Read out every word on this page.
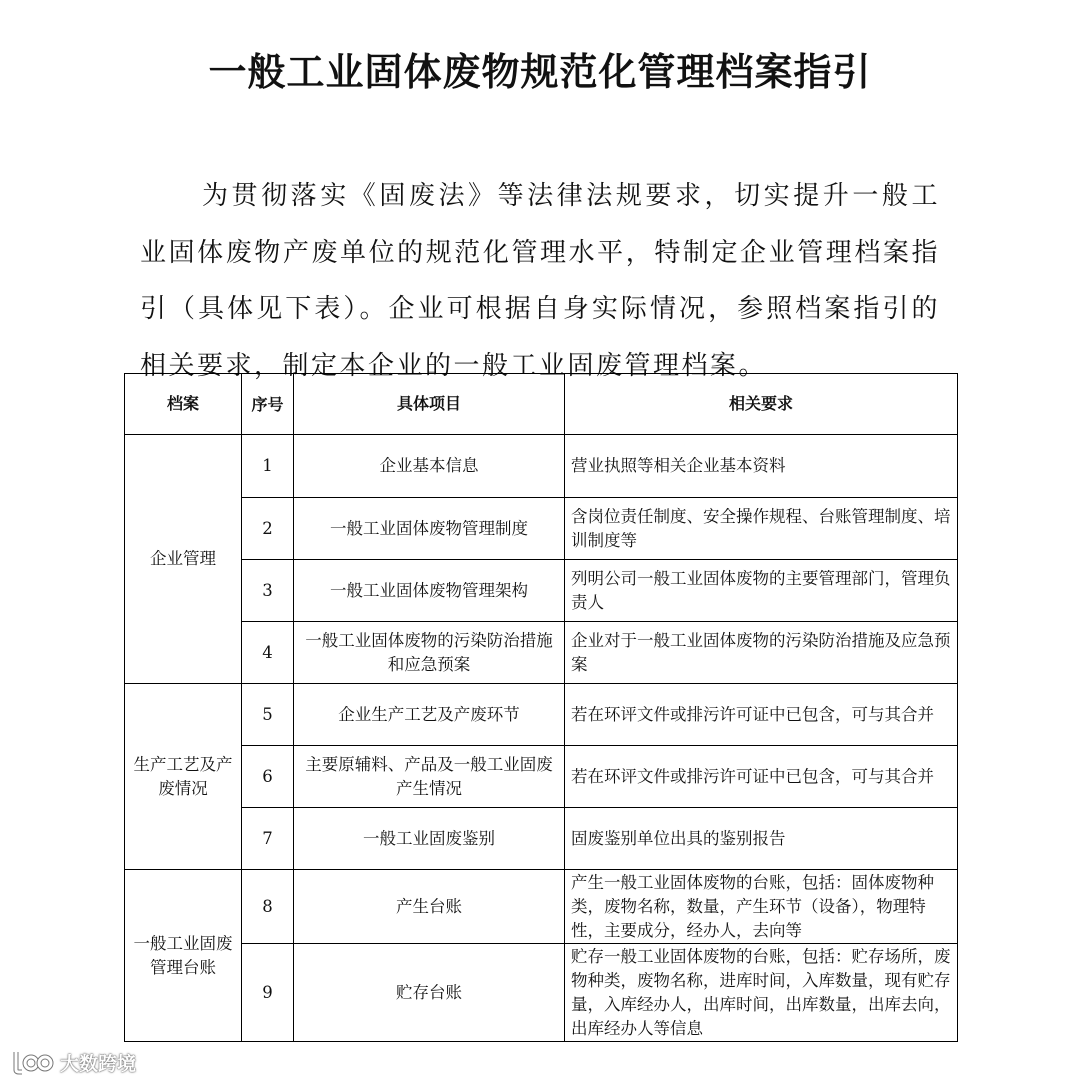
一般工业固体废物规范化管理档案指引

为贯彻落实《固废法》等法律法规要求，切实提升一般工业固体废物产废单位的规范化管理水平，特制定企业管理档案指引（具体见下表）。企业可根据自身实际情况，参照档案指引的相关要求，制定本企业的一般工业固废管理档案。

档案	序号	具体项目	相关要求
企业管理	1	企业基本信息	营业执照等相关企业基本资料
	2	一般工业固体废物管理制度	含岗位责任制度、安全操作规程、台账管理制度、培训制度等
	3	一般工业固体废物管理架构	列明公司一般工业固体废物的主要管理部门，管理负责人
	4	一般工业固体废物的污染防治措施和应急预案	企业对于一般工业固体废物的污染防治措施及应急预案
生产工艺及产废情况	5	企业生产工艺及产废环节	若在环评文件或排污许可证中已包含，可与其合并
	6	主要原辅料、产品及一般工业固废产生情况	若在环评文件或排污许可证中已包含，可与其合并
	7	一般工业固废鉴别	固废鉴别单位出具的鉴别报告
一般工业固废管理台账	8	产生台账	产生一般工业固体废物的台账，包括：固体废物种类，废物名称，数量，产生环节（设备），物理特性，主要成分，经办人，去向等
	9	贮存台账	贮存一般工业固体废物的台账，包括：贮存场所，废物种类，废物名称，进库时间，入库数量，现有贮存量，入库经办人，出库时间，出库数量，出库去向，出库经办人等信息
大数跨境
